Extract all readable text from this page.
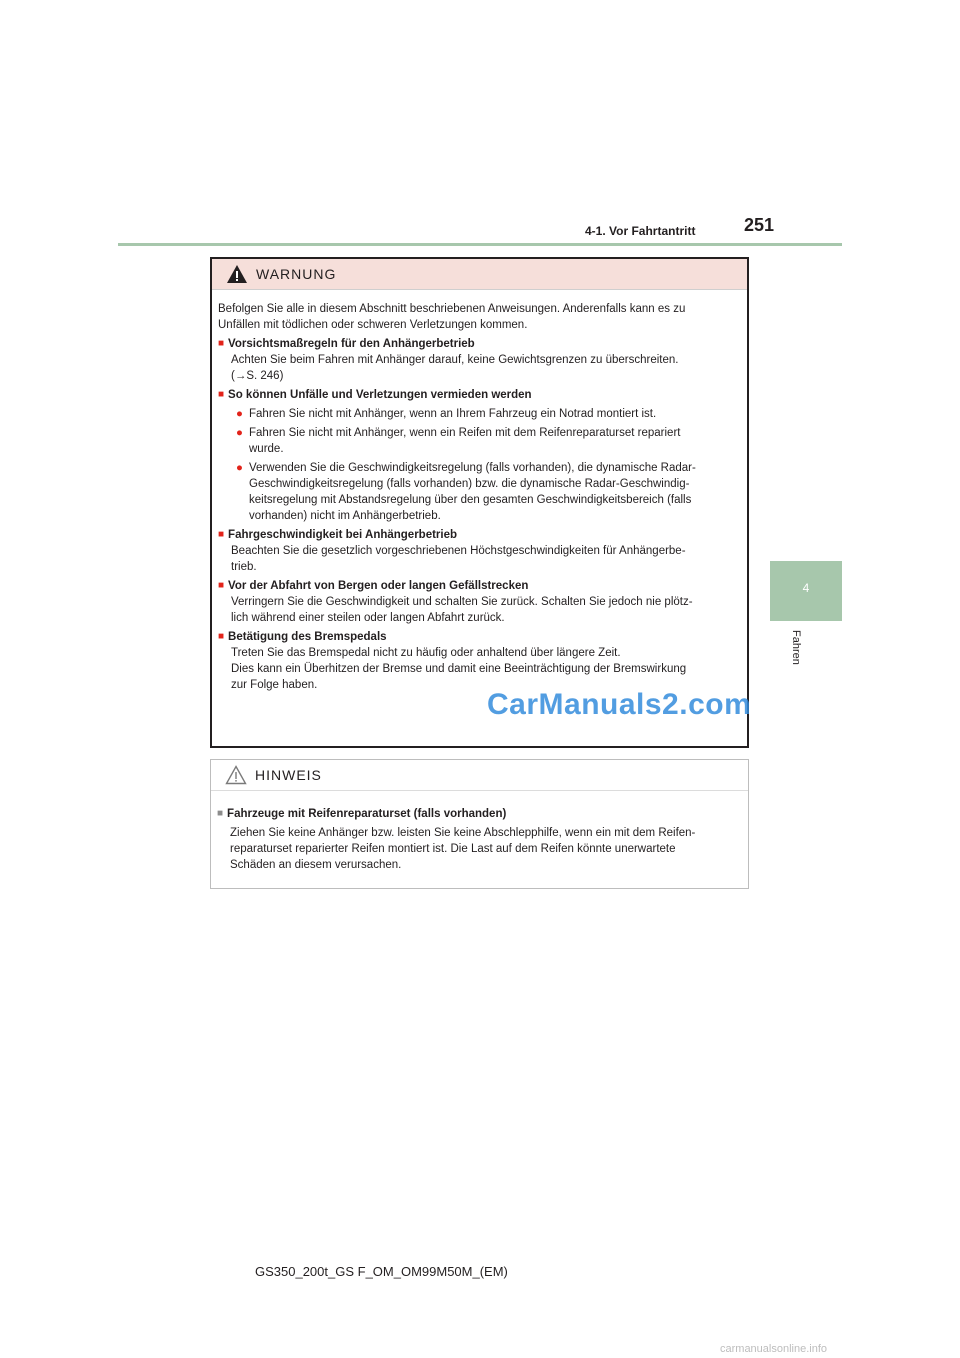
4-1. Vor Fahrtantritt	251
4
Fahren
WARNUNG

Befolgen Sie alle in diesem Abschnitt beschriebenen Anweisungen. Anderenfalls kann es zu
Unfällen mit tödlichen oder schweren Verletzungen kommen.

■ Vorsichtsmaßregeln für den Anhängerbetrieb
Achten Sie beim Fahren mit Anhänger darauf, keine Gewichtsgrenzen zu überschreiten.
(→S. 246)
■ So können Unfälle und Verletzungen vermieden werden
● Fahren Sie nicht mit Anhänger, wenn an Ihrem Fahrzeug ein Notrad montiert ist.
● Fahren Sie nicht mit Anhänger, wenn ein Reifen mit dem Reifenreparaturset repariert
wurde.
● Verwenden Sie die Geschwindigkeitsregelung (falls vorhanden), die dynamische Radar-
Geschwindigkeitsregelung (falls vorhanden) bzw. die dynamische Radar-Geschwindig-
keitsregelung mit Abstandsregelung über den gesamten Geschwindigkeitsbereich (falls
vorhanden) nicht im Anhängerbetrieb.
■ Fahrgeschwindigkeit bei Anhängerbetrieb
Beachten Sie die gesetzlich vorgeschriebenen Höchstgeschwindigkeiten für Anhängerbe-
trieb.
■ Vor der Abfahrt von Bergen oder langen Gefällstrecken
Verringern Sie die Geschwindigkeit und schalten Sie zurück. Schalten Sie jedoch nie plötz-
lich während einer steilen oder langen Abfahrt zurück.
■ Betätigung des Bremspedals
Treten Sie das Bremspedal nicht zu häufig oder anhaltend über längere Zeit.
Dies kann ein Überhitzen der Bremse und damit eine Beeinträchtigung der Bremswirkung
zur Folge haben.
HINWEIS
■ Fahrzeuge mit Reifenreparaturset (falls vorhanden)
Ziehen Sie keine Anhänger bzw. leisten Sie keine Abschlepphilfe, wenn ein mit dem Reifen-
reparaturset reparierter Reifen montiert ist. Die Last auf dem Reifen könnte unerwartete
Schäden an diesem verursachen.
CarManuals2.com
GS350_200t_GS F_OM_OM99M50M_(EM)
carmanualsonline.info
